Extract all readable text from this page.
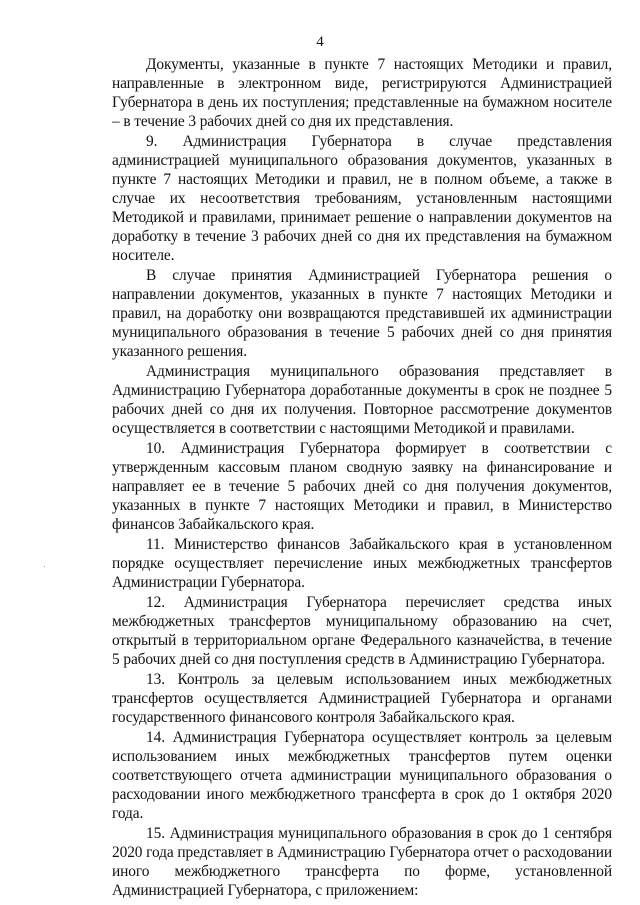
4

Документы, указанные в пункте 7 настоящих Методики и правил, направленные в электронном виде, регистрируются Администрацией Губернатора в день их поступления; представленные на бумажном носителе – в течение 3 рабочих дней со дня их представления.

9. Администрация Губернатора в случае представления администрацией муниципального образования документов, указанных в пункте 7 настоящих Методики и правил, не в полном объеме, а также в случае их несоответствия требованиям, установленным настоящими Методикой и правилами, принимает решение о направлении документов на доработку в течение 3 рабочих дней со дня их представления на бумажном носителе.

В случае принятия Администрацией Губернатора решения о направлении документов, указанных в пункте 7 настоящих Методики и правил, на доработку они возвращаются представившей их администрации муниципального образования в течение 5 рабочих дней со дня принятия указанного решения.

Администрация муниципального образования представляет в Администрацию Губернатора доработанные документы в срок не позднее 5 рабочих дней со дня их получения. Повторное рассмотрение документов осуществляется в соответствии с настоящими Методикой и правилами.

10. Администрация Губернатора формирует в соответствии с утвержденным кассовым планом сводную заявку на финансирование и направляет ее в течение 5 рабочих дней со дня получения документов, указанных в пункте 7 настоящих Методики и правил, в Министерство финансов Забайкальского края.

11. Министерство финансов Забайкальского края в установленном порядке осуществляет перечисление иных межбюджетных трансфертов Администрации Губернатора.

12. Администрация Губернатора перечисляет средства иных межбюджетных трансфертов муниципальному образованию на счет, открытый в территориальном органе Федерального казначейства, в течение 5 рабочих дней со дня поступления средств в Администрацию Губернатора.

13. Контроль за целевым использованием иных межбюджетных трансфертов осуществляется Администрацией Губернатора и органами государственного финансового контроля Забайкальского края.

14. Администрация Губернатора осуществляет контроль за целевым использованием иных межбюджетных трансфертов путем оценки соответствующего отчета администрации муниципального образования о расходовании иного межбюджетного трансферта в срок до 1 октября 2020 года.

15. Администрация муниципального образования в срок до 1 сентября 2020 года представляет в Администрацию Губернатора отчет о расходовании иного межбюджетного трансферта по форме, установленной Администрацией Губернатора, с приложением:
